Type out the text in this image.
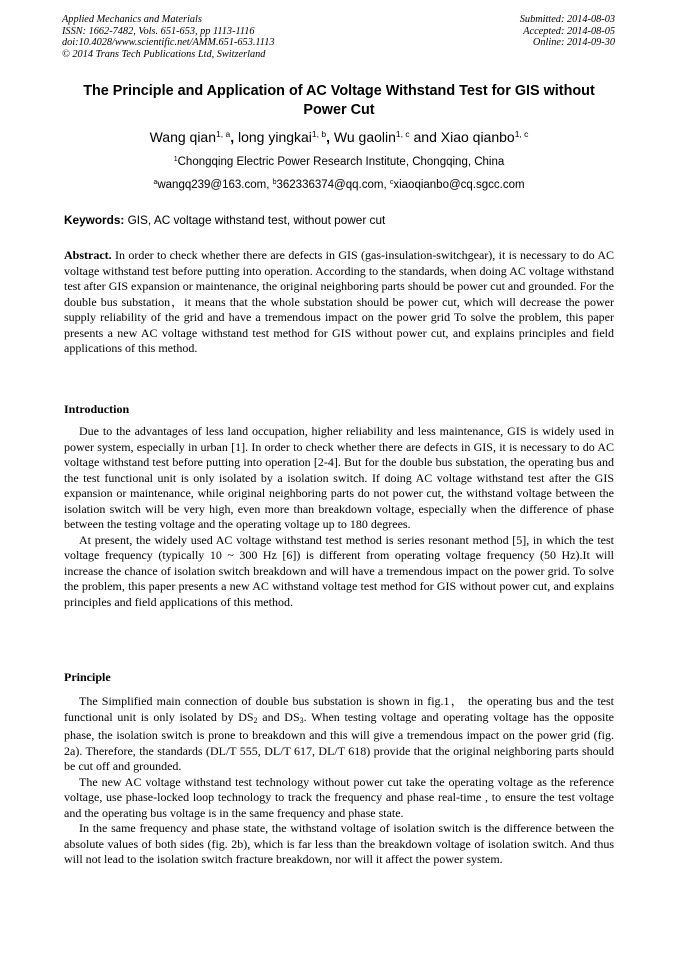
Applied Mechanics and Materials
ISSN: 1662-7482, Vols. 651-653, pp 1113-1116
doi:10.4028/www.scientific.net/AMM.651-653.1113
© 2014 Trans Tech Publications Ltd, Switzerland
Submitted: 2014-08-03
Accepted: 2014-08-05
Online: 2014-09-30
The Principle and Application of AC Voltage Withstand Test for GIS without Power Cut
Wang qian$^{1, a}$, long yingkai$^{1, b}$, Wu gaolin$^{1, c}$ and Xiao qianbo$^{1, c}$
$^1$Chongqing Electric Power Research Institute, Chongqing, China
$^a$wangq239@163.com, $^b$362336374@qq.com, $^c$xiaoqianbo@cq.sgcc.com
Keywords: GIS, AC voltage withstand test, without power cut

Abstract. In order to check whether there are defects in GIS (gas-insulation-switchgear), it is necessary to do AC voltage withstand test before putting into operation. According to the standards, when doing AC voltage withstand test after GIS expansion or maintenance, the original neighboring parts should be power cut and grounded. For the double bus substation，it means that the whole substation should be power cut, which will decrease the power supply reliability of the grid and have a tremendous impact on the power grid To solve the problem, this paper presents a new AC voltage withstand test method for GIS without power cut, and explains principles and field applications of this method.

Introduction

Due to the advantages of less land occupation, higher reliability and less maintenance, GIS is widely used in power system, especially in urban [1]. In order to check whether there are defects in GIS, it is necessary to do AC voltage withstand test before putting into operation [2-4]. But for the double bus substation, the operating bus and the test functional unit is only isolated by a isolation switch. If doing AC voltage withstand test after the GIS expansion or maintenance, while original neighboring parts do not power cut, the withstand voltage between the isolation switch will be very high, even more than breakdown voltage, especially when the difference of phase between the testing voltage and the operating voltage up to 180 degrees.

At present, the widely used AC voltage withstand test method is series resonant method [5], in which the test voltage frequency (typically 10 ~ 300 Hz [6]) is different from operating voltage frequency (50 Hz).It will increase the chance of isolation switch breakdown and will have a tremendous impact on the power grid. To solve the problem, this paper presents a new AC withstand voltage test method for GIS without power cut, and explains principles and field applications of this method.

Principle

The Simplified main connection of double bus substation is shown in fig.1， the operating bus and the test functional unit is only isolated by $DS_2$ and $DS_3$. When testing voltage and operating voltage has the opposite phase, the isolation switch is prone to breakdown and this will give a tremendous impact on the power grid (fig. 2a). Therefore, the standards (DL/T 555, DL/T 617, DL/T 618) provide that the original neighboring parts should be cut off and grounded.

The new AC voltage withstand test technology without power cut take the operating voltage as the reference voltage, use phase-locked loop technology to track the frequency and phase real-time , to ensure the test voltage and the operating bus voltage is in the same frequency and phase state.

In the same frequency and phase state, the withstand voltage of isolation switch is the difference between the absolute values of both sides (fig. 2b), which is far less than the breakdown voltage of isolation switch. And thus will not lead to the isolation switch fracture breakdown, nor will it affect the power system.
